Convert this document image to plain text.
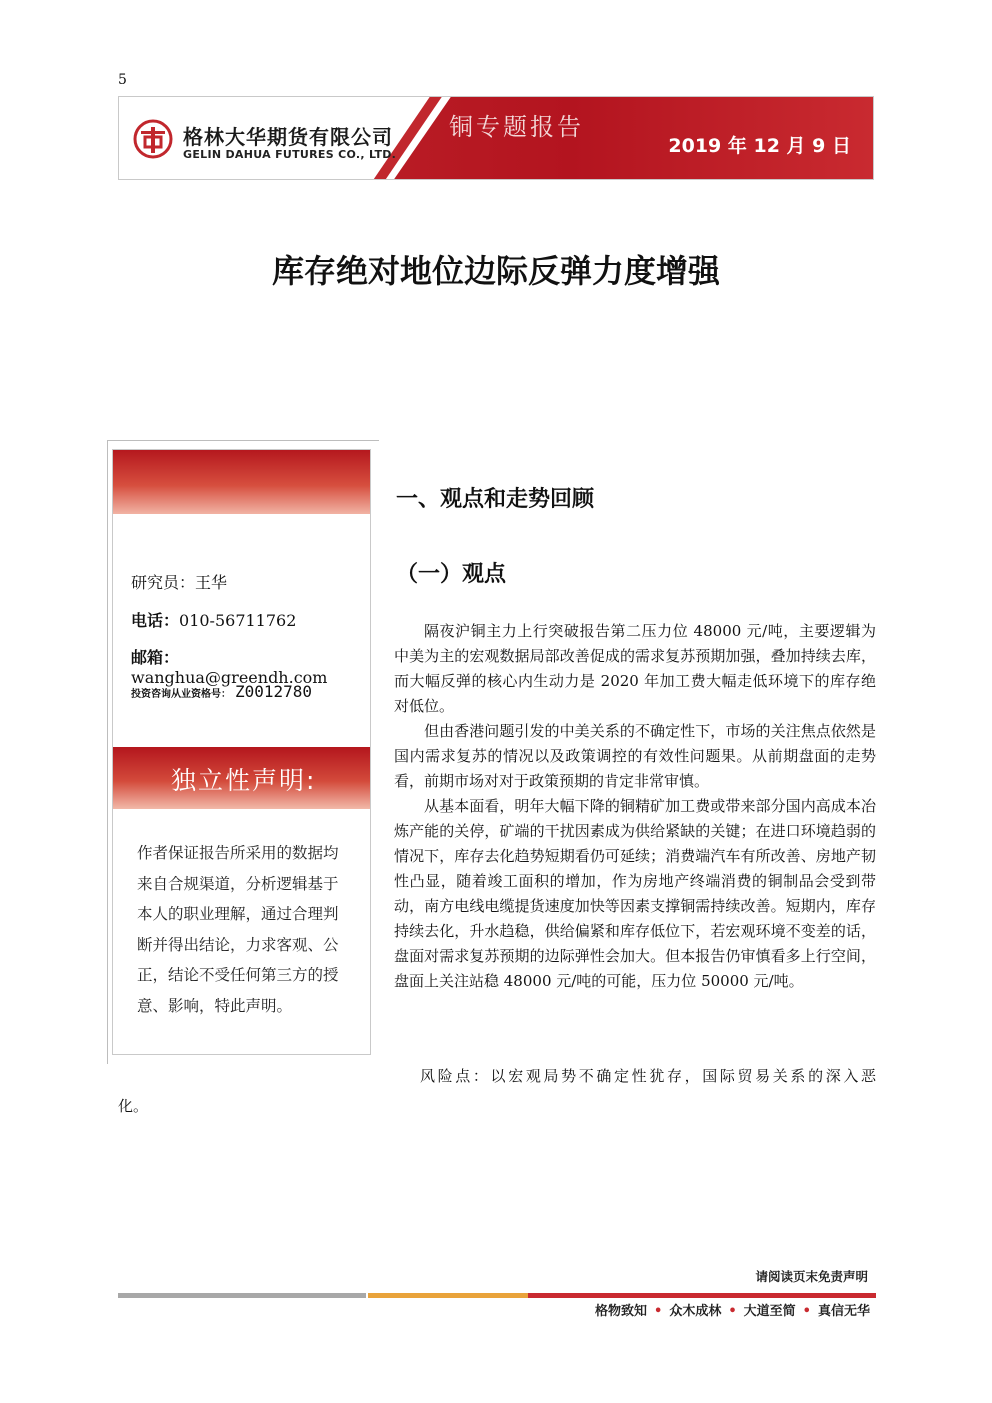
5
格林大华期货有限公司
GELIN DAHUA FUTURES CO., LTD.
铜专题报告
2019 年 12 月 9 日
库存绝对地位边际反弹力度增强
研究员：王华
电话：010-56711762
邮箱：wanghua@greendh.com
投资咨询从业资格号： Z0012780
独立性声明:
作者保证报告所采用的数据均来自合规渠道，分析逻辑基于本人的职业理解，通过合理判断并得出结论，力求客观、公正，结论不受任何第三方的授意、影响，特此声明。
一、观点和走势回顾
（一）观点

隔夜沪铜主力上行突破报告第二压力位 48000 元/吨，主要逻辑为中美为主的宏观数据局部改善促成的需求复苏预期加强，叠加持续去库，而大幅反弹的核心内生动力是 2020 年加工费大幅走低环境下的库存绝对低位。

但由香港问题引发的中美关系的不确定性下，市场的关注焦点依然是国内需求复苏的情况以及政策调控的有效性问题果。从前期盘面的走势看，前期市场对对于政策预期的肯定非常审慎。

从基本面看，明年大幅下降的铜精矿加工费或带来部分国内高成本冶炼产能的关停，矿端的干扰因素成为供给紧缺的关键；在进口环境趋弱的情况下，库存去化趋势短期看仍可延续；消费端汽车有所改善、房地产韧性凸显，随着竣工面积的增加，作为房地产终端消费的铜制品会受到带动，南方电线电缆提货速度加快等因素支撑铜需持续改善。短期内，库存持续去化，升水趋稳，供给偏紧和库存低位下，若宏观环境不变差的话，盘面对需求复苏预期的边际弹性会加大。但本报告仍审慎看多上行空间，盘面上关注站稳 48000 元/吨的可能，压力位 50000 元/吨。

风险点：以宏观局势不确定性犹存，国际贸易关系的深入恶
化。
请阅读页末免责声明
格物致知 • 众木成林 • 大道至简 • 真信无华
